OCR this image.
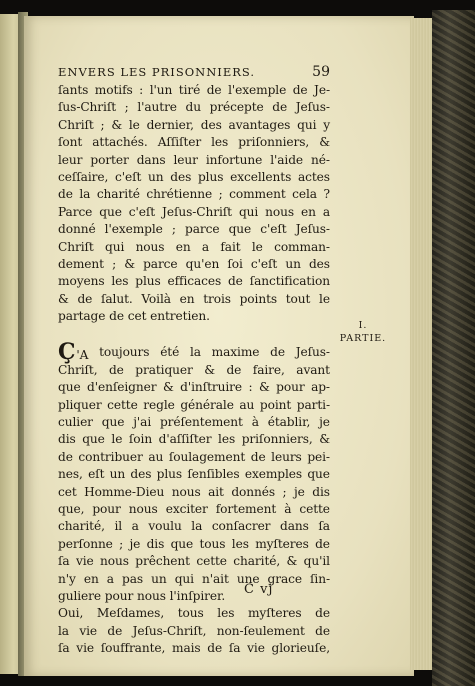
ENVERS LES PRISONNIERS.	59
ſants motifs : l'un tiré de l'exemple de Je-
ſus-Chriſt ; l'autre du précepte de Jeſus-
Chriſt ; & le dernier, des avantages qui y
ſont attachés. Aſſiſter les priſonniers, &
leur porter dans leur infortune l'aide né-
ceſſaire, c'eſt un des plus excellents actes
de la charité chrétienne ; comment cela ?
Parce que c'eſt Jeſus-Chriſt qui nous en a
donné l'exemple ; parce que c'eſt Jeſus-
Chriſt qui nous en a fait le comman-
dement ; & parce qu'en ſoi c'eſt un des
moyens les plus efficaces de ſanctification
& de ſalut. Voilà en trois points tout le
partage de cet entretien.
Ç'A toujours été la maxime de Jeſus-
Chriſt, de pratiquer & de faire, avant
que d'enſeigner & d'inſtruire : & pour ap-
pliquer cette regle générale au point parti-
culier que j'ai préſentement à établir, je
dis que le ſoin d'aſſiſter les priſonniers, &
de contribuer au ſoulagement de leurs pei-
nes, eſt un des plus ſenſibles exemples que
cet Homme-Dieu nous ait donnés ; je dis
que, pour nous exciter fortement à cette
charité, il a voulu la conſacrer dans ſa
perſonne ; je dis que tous les myſteres de
ſa vie nous prêchent cette charité, & qu'il
n'y en a pas un qui n'ait une grace ſin-
guliere pour nous l'inſpirer.
Oui, Meſdames, tous les myſteres de
la vie de Jeſus-Chriſt, non-ſeulement de
ſa vie ſouffrante, mais de ſa vie glorieuſe,
I.
PARTIE.
C vj
